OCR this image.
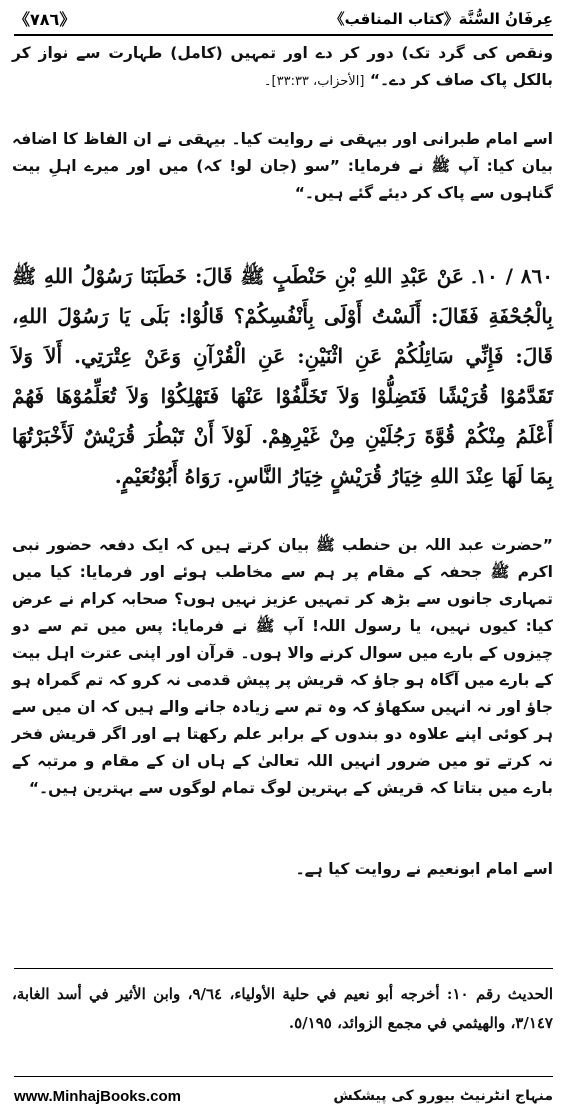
《٧٨٦》	عِرفَانُ السُّنَّة《کتاب المناقب》
ونقص کی گرد تک) دور کر دے اور تمہیں (کامل) طہارت سے نواز کر بالکل پاک صاف کر دے۔“ [الأحزاب، ٣٣:٣٣]۔
اسے امام طبرانی اور بیہقی نے روایت کیا۔ بیہقی نے ان الفاظ کا اضافہ بیان کیا: آپ ﷺ نے فرمایا: ”سو (جان لو! کہ) میں اور میرے اہلِ بیت گناہوں سے پاک کر دیئے گئے ہیں۔“
٨٦٠ / ١٠۔ عَنْ عَبْدِ اللهِ بْنِ حَنْطَبٍ ﷺ قَالَ: خَطَبَنَا رَسُوْلُ اللهِ ﷺ بِالْجُحْفَةِ فَقَالَ: أَلَسْتُ أَوْلَى بِأَنْفُسِكُمْ؟ قَالُوْا: بَلَى يَا رَسُوْلَ اللهِ، قَالَ: فَإِنِّي سَائِلُكُمْ عَنِ اثْنَيْنِ: عَنِ الْقُرْآنِ وَعَنْ عِتْرَتِي. أَلاَ وَلاَ تَقَدَّمُوْا قُرَيْشًا فَتَضِلُّوْا وَلاَ تَخَلَّفُوْا عَنْهَا فَتَهْلِكُوْا وَلاَ تُعَلِّمُوْهَا فَهُمْ أَعْلَمُ مِنْكُمْ قُوَّةَ رَجُلَيْنِ مِنْ غَيْرِهِمْ. لَوْلاَ أَنْ تَبْطُرَ قُرَيْشٌ لَأَخْبَرْتُهَا بِمَا لَهَا عِنْدَ اللهِ خِيَارُ قُرَيْشٍ خِيَارُ النَّاسِ. رَوَاهُ أَبُوْنُعَيْمٍ.
”حضرت عبد اللہ بن حنطب ﷺ بیان کرتے ہیں کہ ایک دفعہ حضور نبی اکرم ﷺ جحفہ کے مقام پر ہم سے مخاطب ہوئے اور فرمایا: کیا میں تمہاری جانوں سے بڑھ کر تمہیں عزیز نہیں ہوں؟ صحابہ کرام نے عرض کیا: کیوں نہیں، یا رسول اللہ! آپ ﷺ نے فرمایا: پس میں تم سے دو چیزوں کے بارے میں سوال کرنے والا ہوں۔ قرآن اور اپنی عترت اہل بیت کے بارے میں آگاہ ہو جاؤ کہ قریش پر پیش قدمی نہ کرو کہ تم گمراہ ہو جاؤ اور نہ انہیں سکھاؤ کہ وہ تم سے زیادہ جانے والے ہیں کہ ان میں سے ہر کوئی اپنے علاوہ دو بندوں کے برابر علم رکھتا ہے اور اگر قریش فخر نہ کرتے تو میں ضرور انہیں اللہ تعالیٰ کے ہاں ان کے مقام و مرتبہ کے بارے میں بتاتا کہ قریش کے بہترین لوگ تمام لوگوں سے بہترین ہیں۔“
اسے امام ابونعیم نے روایت کیا ہے۔
الحديث رقم ١٠: أخرجه أبو نعيم في حلية الأولياء، ٩/٦٤، وابن الأثير في أسد الغابة، ٣/١٤٧، والهيثمي في مجمع الزوائد، ٥/١٩٥.
www.MinhajBooks.com	منہاج انٹرنیٹ بیورو کی پیشکش
